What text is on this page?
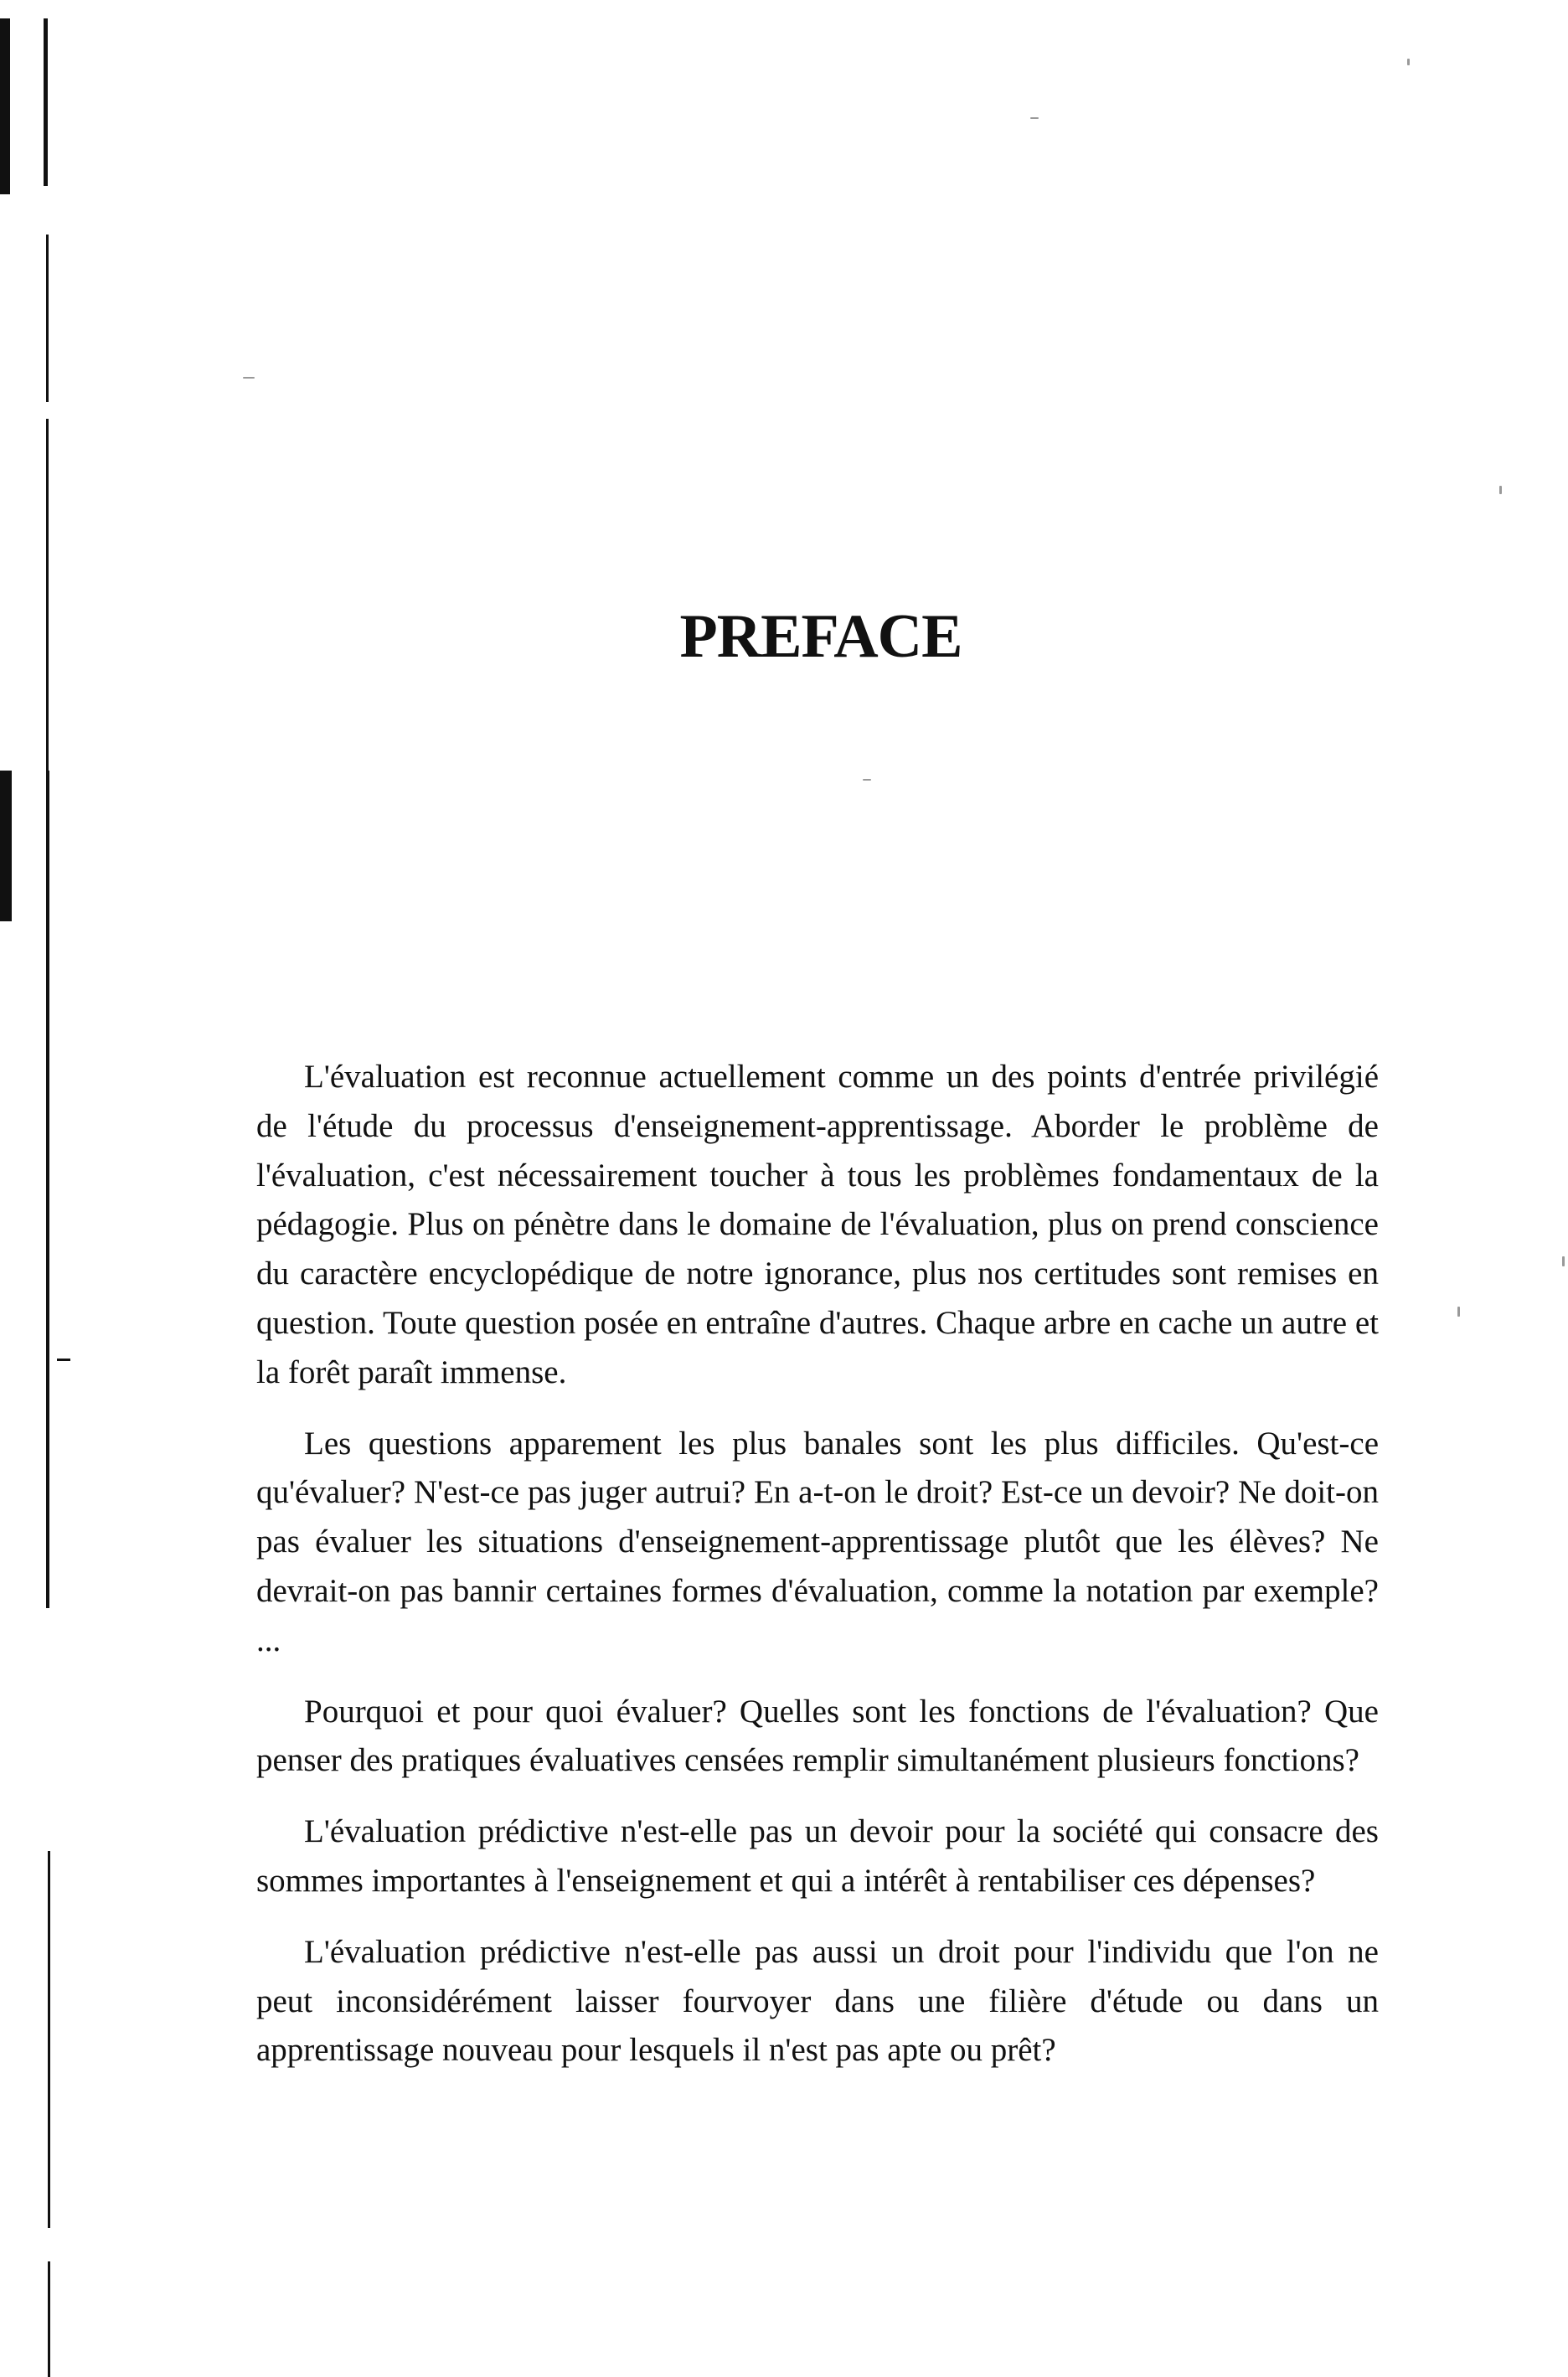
PREFACE

L'évaluation est reconnue actuellement comme un des points d'entrée privilégié de l'étude du processus d'enseignement-apprentissage. Aborder le problème de l'évaluation, c'est nécessairement toucher à tous les problèmes fondamentaux de la pédagogie. Plus on pénètre dans le domaine de l'évaluation, plus on prend conscience du caractère encyclopédique de notre ignorance, plus nos certitudes sont remises en question. Toute question posée en entraîne d'autres. Chaque arbre en cache un autre et la forêt paraît immense.

Les questions apparement les plus banales sont les plus difficiles. Qu'est-ce qu'évaluer? N'est-ce pas juger autrui? En a-t-on le droit? Est-ce un devoir? Ne doit-on pas évaluer les situations d'enseignement-apprentissage plutôt que les élèves? Ne devrait-on pas bannir certaines formes d'évaluation, comme la notation par exemple? ...

Pourquoi et pour quoi évaluer? Quelles sont les fonctions de l'évaluation? Que penser des pratiques évaluatives censées remplir simultanément plusieurs fonctions?

L'évaluation prédictive n'est-elle pas un devoir pour la société qui consacre des sommes importantes à l'enseignement et qui a intérêt à rentabiliser ces dépenses?

L'évaluation prédictive n'est-elle pas aussi un droit pour l'individu que l'on ne peut inconsidérément laisser fourvoyer dans une filière d'étude ou dans un apprentissage nouveau pour lesquels il n'est pas apte ou prêt?
